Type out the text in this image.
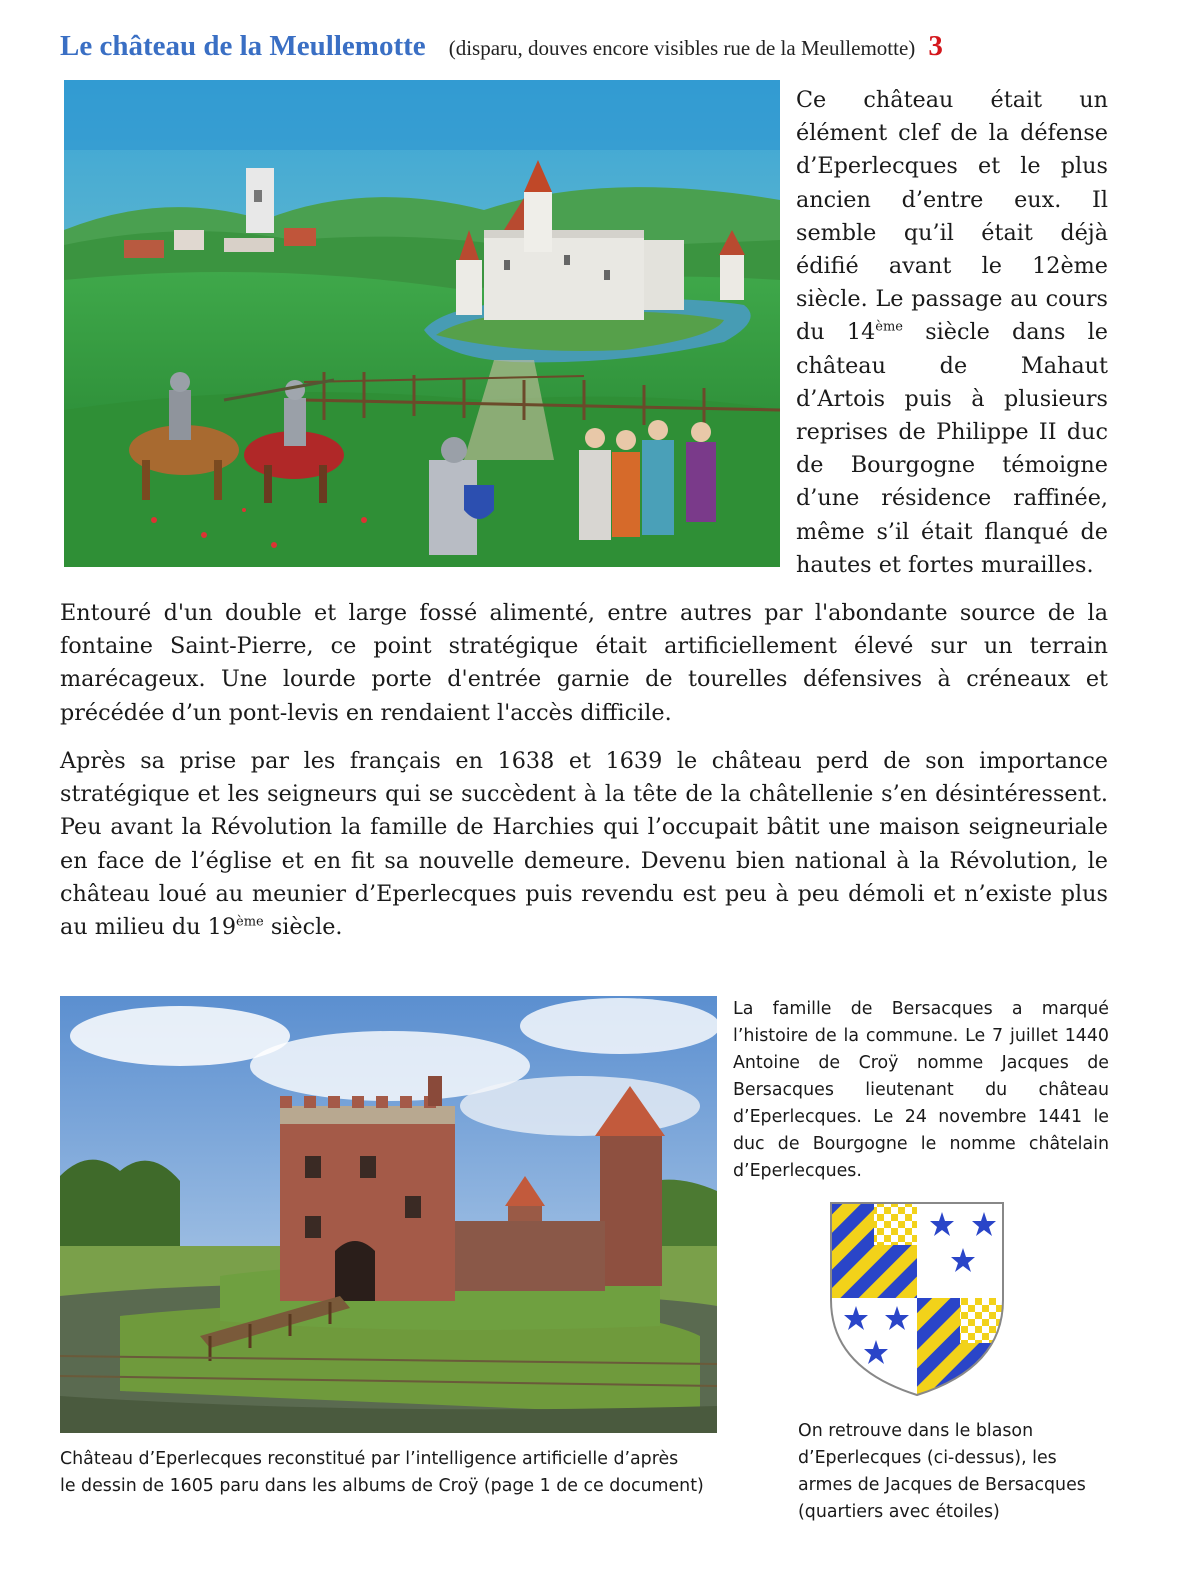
Le château de la Meullemotte (disparu, douves encore visibles rue de la Meullemotte) 3
Ce château était un élément clef de la défense d’Eperlecques et le plus ancien d’entre eux. Il semble qu’il était déjà édifié avant le 12ème siècle. Le passage au cours du 14ème siècle dans le château de Mahaut d’Artois puis à plusieurs reprises de Philippe II duc de Bourgogne témoigne d’une résidence raffinée, même s’il était flanqué de hautes et fortes murailles.
Entouré d'un double et large fossé alimenté, entre autres par l'abondante source de la fontaine Saint-Pierre, ce point stratégique était artificiellement élevé sur un terrain marécageux. Une lourde porte d'entrée garnie de tourelles défensives à créneaux et précédée d’un pont-levis en rendaient l'accès difficile.
Après sa prise par les français en 1638 et 1639 le château perd de son importance stratégique et les seigneurs qui se succèdent à la tête de la châtellenie s’en désintéressent. Peu avant la Révolution la famille de Harchies qui l’occupait bâtit une maison seigneuriale en face de l’église et en fit sa nouvelle demeure. Devenu bien national à la Révolution, le château loué au meunier d’Eperlecques puis revendu est peu à peu démoli et n’existe plus au milieu du 19ème siècle.
Château d’Eperlecques reconstitué par l’intelligence artificielle d’après
le dessin de 1605 paru dans les albums de Croÿ (page 1 de ce document)
La famille de Bersacques a marqué l’histoire de la commune. Le 7 juillet 1440 Antoine de Croÿ nomme Jacques de Bersacques lieutenant du château d’Eperlecques. Le 24 novembre 1441 le duc de Bourgogne le nomme châtelain d’Eperlecques.
On retrouve dans le blason
d’Eperlecques (ci-dessus), les
armes de Jacques de Bersacques
(quartiers avec étoiles)
